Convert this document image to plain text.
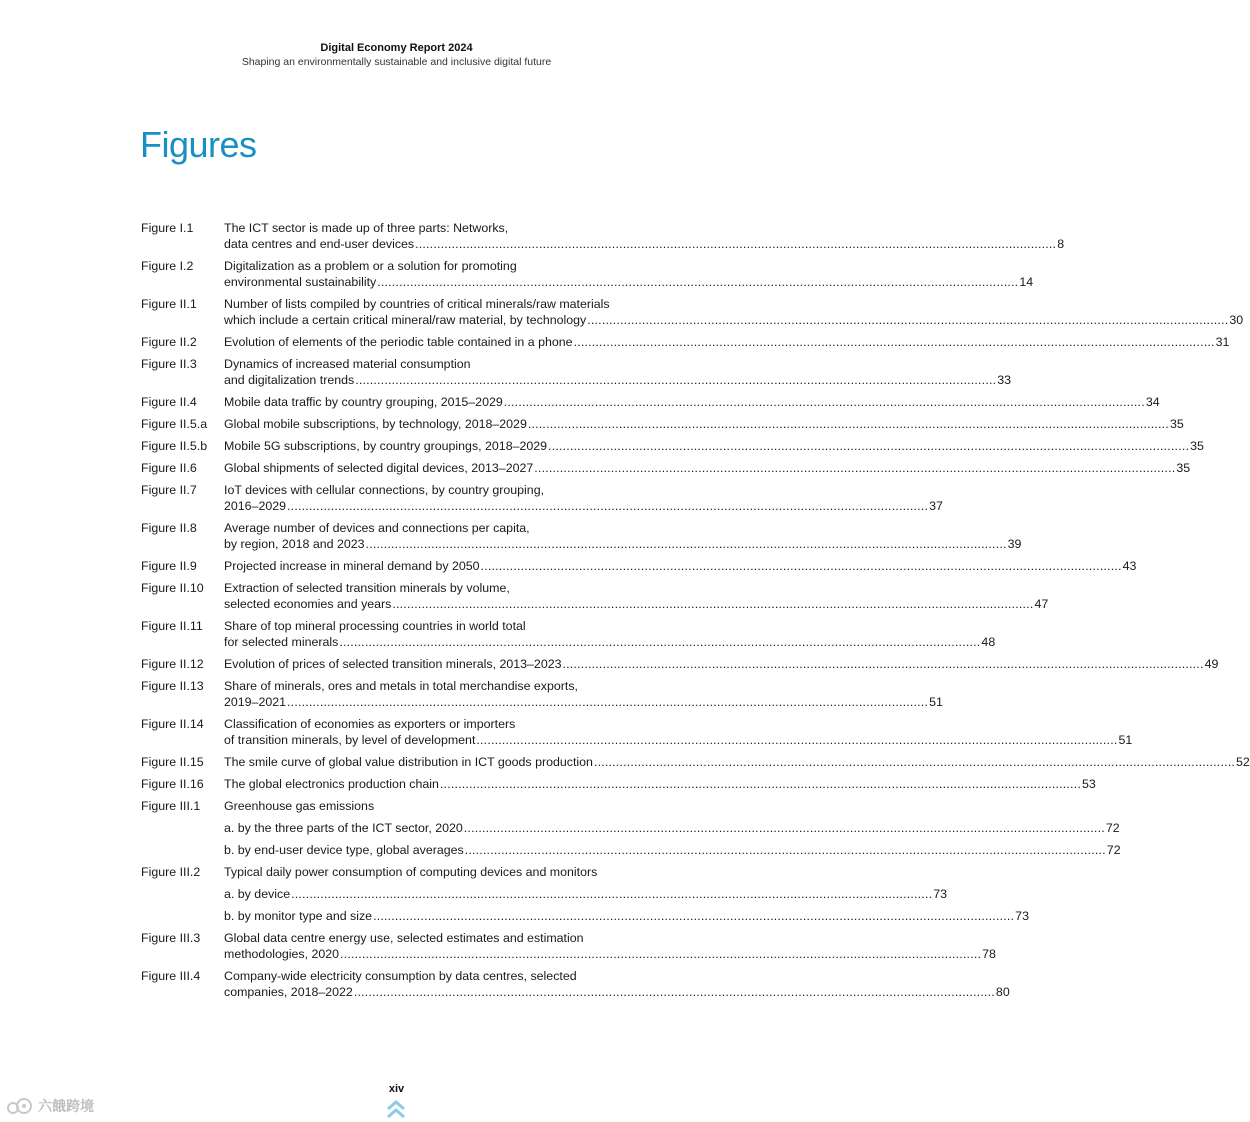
Digital Economy Report 2024
Shaping an environmentally sustainable and inclusive digital future
Figures
Figure I.1	The ICT sector is made up of three parts: Networks,
data centres and end-user devices ................................................................................................................................................................................ 8
Figure I.2	Digitalization as a problem or a solution for promoting
environmental sustainability ................................................................................................................................................................................ 14
Figure II.1	Number of lists compiled by countries of critical minerals/raw materials
which include a certain critical mineral/raw material, by technology ................................................................................................................................................................................ 30
Figure II.2	Evolution of elements of the periodic table contained in a phone ................................................................................................................................................................................ 31
Figure II.3	Dynamics of increased material consumption
and digitalization trends ................................................................................................................................................................................ 33
Figure II.4	Mobile data traffic by country grouping, 2015–2029 ................................................................................................................................................................................ 34
Figure II.5.a	Global mobile subscriptions, by technology, 2018–2029 ................................................................................................................................................................................ 35
Figure II.5.b	Mobile 5G subscriptions, by country groupings, 2018–2029 ................................................................................................................................................................................ 35
Figure II.6	Global shipments of selected digital devices, 2013–2027 ................................................................................................................................................................................ 35
Figure II.7	IoT devices with cellular connections, by country grouping,
2016–2029 ................................................................................................................................................................................ 37
Figure II.8	Average number of devices and connections per capita,
by region, 2018 and 2023 ................................................................................................................................................................................ 39
Figure II.9	Projected increase in mineral demand by 2050 ................................................................................................................................................................................ 43
Figure II.10	Extraction of selected transition minerals by volume,
selected economies and years ................................................................................................................................................................................ 47
Figure II.11	Share of top mineral processing countries in world total
for selected minerals ................................................................................................................................................................................ 48
Figure II.12	Evolution of prices of selected transition minerals, 2013–2023 ................................................................................................................................................................................ 49
Figure II.13	Share of minerals, ores and metals in total merchandise exports,
2019–2021 ................................................................................................................................................................................ 51
Figure II.14	Classification of economies as exporters or importers
of transition minerals, by level of development ................................................................................................................................................................................ 51
Figure II.15	The smile curve of global value distribution in ICT goods production ................................................................................................................................................................................ 52
Figure II.16	The global electronics production chain ................................................................................................................................................................................ 53
Figure III.1	Greenhouse gas emissions
a. by the three parts of the ICT sector, 2020 ................................................................................................................................................................................ 72
b. by end-user device type, global averages ................................................................................................................................................................................ 72
Figure III.2	Typical daily power consumption of computing devices and monitors
a. by device ................................................................................................................................................................................ 73
b. by monitor type and size ................................................................................................................................................................................ 73
Figure III.3	Global data centre energy use, selected estimates and estimation
methodologies, 2020 ................................................................................................................................................................................ 78
Figure III.4	Company-wide electricity consumption by data centres, selected
companies, 2018–2022 ................................................................................................................................................................................ 80
xiv
六餓跨境
